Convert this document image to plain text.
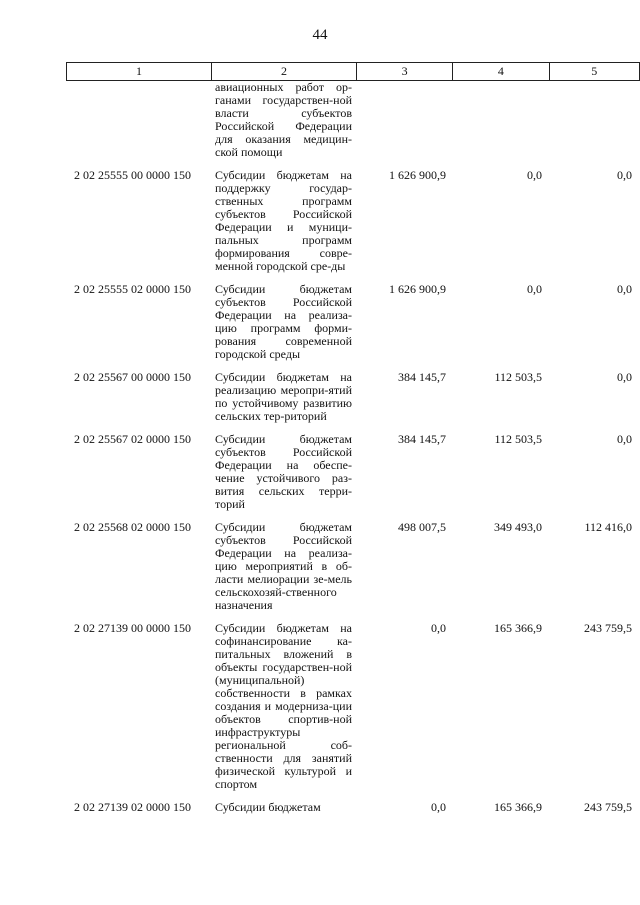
44
1	2	3	4	5

	авиационных работ ор-ганами государствен-ной власти субъектов Российской Федерации для оказания медицин-ской помощи			

2 02 25555 00 0000 150	Субсидии бюджетам на поддержку государ-ственных программ субъектов Российской Федерации и муници-пальных программ формирования совре-менной городской сре-ды	1 626 900,9	0,0	0,0
2 02 25555 02 0000 150	Субсидии бюджетам субъектов Российской Федерации на реализа-цию программ форми-рования современной городской среды	1 626 900,9	0,0	0,0
2 02 25567 00 0000 150	Субсидии бюджетам на реализацию меропри-ятий по устойчивому развитию сельских тер-риторий	384 145,7	112 503,5	0,0
2 02 25567 02 0000 150	Субсидии бюджетам субъектов Российской Федерации на обеспе-чение устойчивого раз-вития сельских терри-торий	384 145,7	112 503,5	0,0
2 02 25568 02 0000 150	Субсидии бюджетам субъектов Российской Федерации на реализа-цию мероприятий в об-ласти мелиорации зе-мель сельскохозяй-ственного назначения	498 007,5	349 493,0	112 416,0
2 02 27139 00 0000 150	Субсидии бюджетам на софинансирование ка-питальных вложений в объекты государствен-ной (муниципальной) собственности в рамках создания и модерниза-ции объектов спортив-ной инфраструктуры региональной соб-ственности для занятий физической культурой и спортом	0,0	165 366,9	243 759,5
2 02 27139 02 0000 150	Субсидии бюджетам	0,0	165 366,9	243 759,5
